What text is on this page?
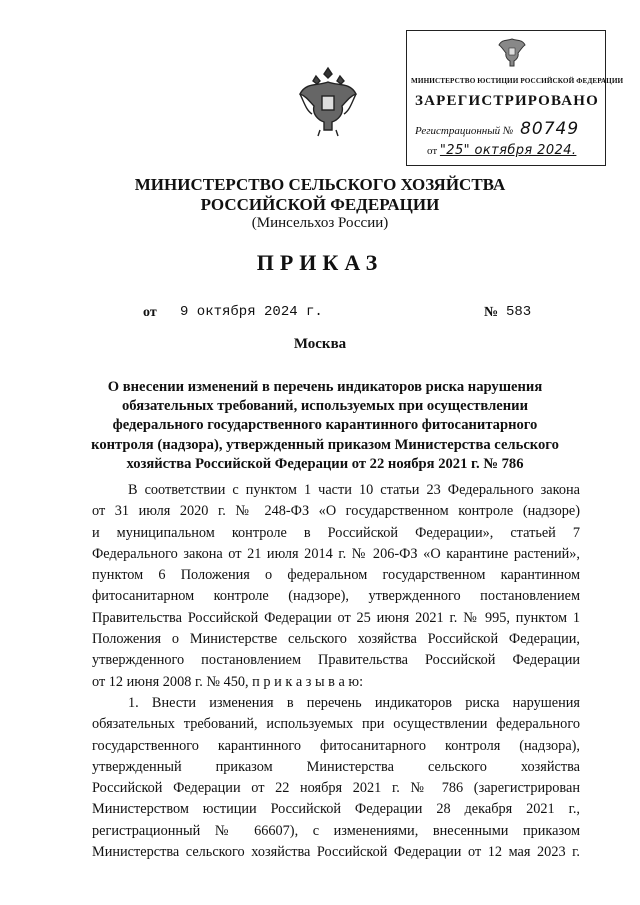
МИНИСТЕРСТВО ЮСТИЦИИ РОССИЙСКОЙ ФЕДЕРАЦИИ
ЗАРЕГИСТРИРОВАНО
Регистрационный № 80749
от "25" октября 2024.
МИНИСТЕРСТВО СЕЛЬСКОГО ХОЗЯЙСТВА
РОССИЙСКОЙ ФЕДЕРАЦИИ
(Минсельхоз России)
ПРИКАЗ
от 9 октября 2024 г.	№ 583
Москва
О внесении изменений в перечень индикаторов риска нарушения
обязательных требований, используемых при осуществлении
федерального государственного карантинного фитосанитарного
контроля (надзора), утвержденный приказом Министерства сельского
хозяйства Российской Федерации от 22 ноября 2021 г. № 786
В соответствии с пунктом 1 части 10 статьи 23 Федерального закона
от 31 июля 2020 г. № 248-ФЗ «О государственном контроле (надзоре)
и муниципальном контроле в Российской Федерации», статьей 7
Федерального закона от 21 июля 2014 г. № 206-ФЗ «О карантине растений»,
пунктом 6 Положения о федеральном государственном карантинном
фитосанитарном контроле (надзоре), утвержденного постановлением
Правительства Российской Федерации от 25 июня 2021 г. № 995, пунктом 1
Положения о Министерстве сельского хозяйства Российской Федерации,
утвержденного постановлением Правительства Российской Федерации
от 12 июня 2008 г. № 450, п р и к а з ы в а ю:
1. Внести изменения в перечень индикаторов риска нарушения
обязательных требований, используемых при осуществлении федерального
государственного карантинного фитосанитарного контроля (надзора),
утвержденный приказом Министерства сельского хозяйства
Российской Федерации от 22 ноября 2021 г. № 786 (зарегистрирован
Министерством юстиции Российской Федерации 28 декабря 2021 г.,
регистрационный № 66607), с изменениями, внесенными приказом
Министерства сельского хозяйства Российской Федерации от 12 мая 2023 г.
